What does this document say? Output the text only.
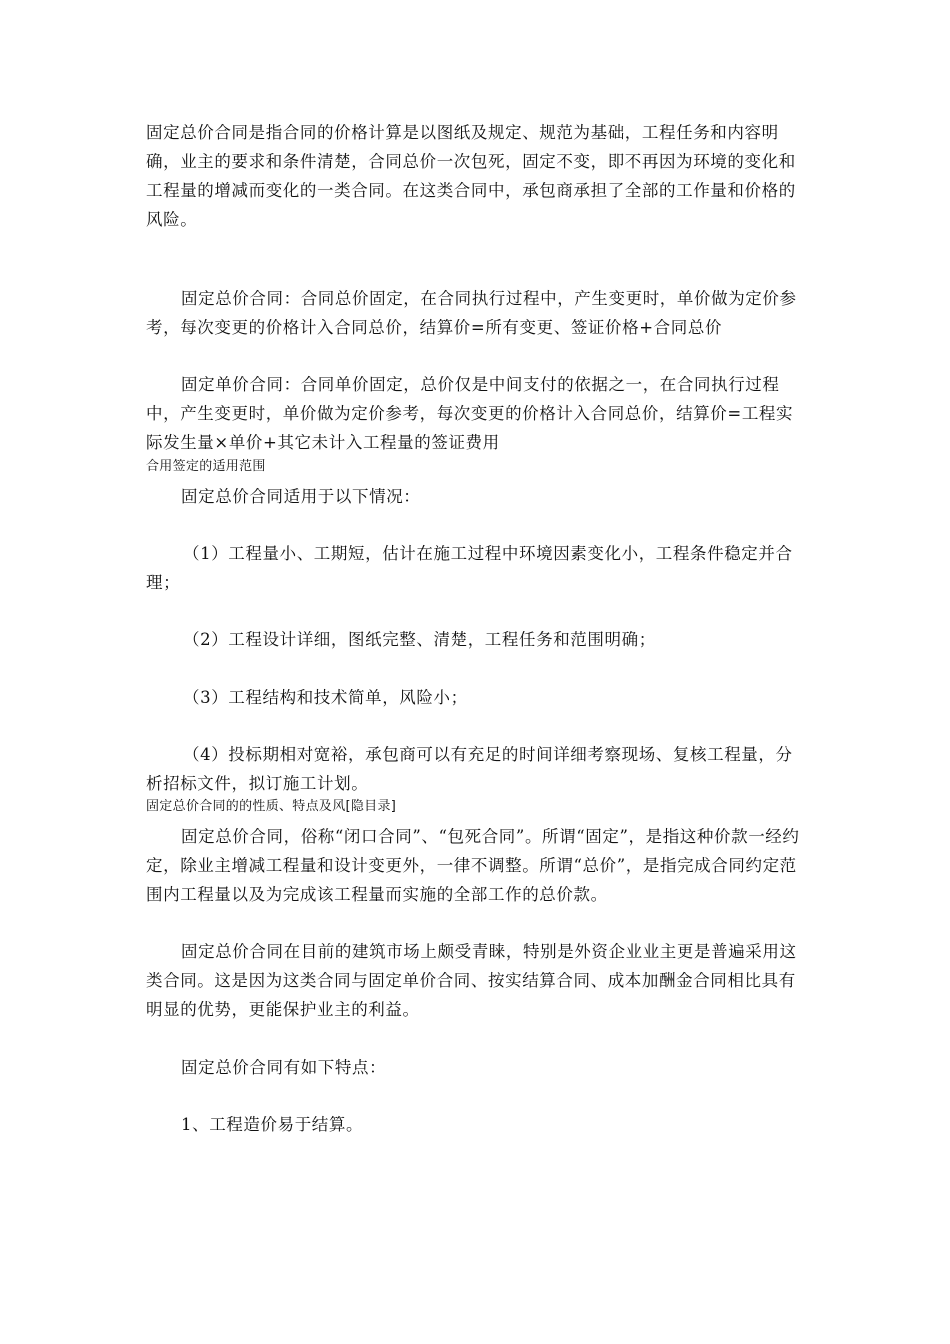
固定总价合同是指合同的价格计算是以图纸及规定、规范为基础，工程任务和内容明确，业主的要求和条件清楚，合同总价一次包死，固定不变，即不再因为环境的变化和工程量的增减而变化的一类合同。在这类合同中，承包商承担了全部的工作量和价格的风险。

固定总价合同：合同总价固定，在合同执行过程中，产生变更时，单价做为定价参考，每次变更的价格计入合同总价，结算价=所有变更、签证价格+合同总价

固定单价合同：合同单价固定，总价仅是中间支付的依据之一，在合同执行过程中，产生变更时，单价做为定价参考，每次变更的价格计入合同总价，结算价=工程实际发生量×单价+其它未计入工程量的签证费用

合用签定的适用范围

固定总价合同适用于以下情况：

（1）工程量小、工期短，估计在施工过程中环境因素变化小，工程条件稳定并合理；

（2）工程设计详细，图纸完整、清楚，工程任务和范围明确；

（3）工程结构和技术简单，风险小；

（4）投标期相对宽裕，承包商可以有充足的时间详细考察现场、复核工程量，分析招标文件，拟订施工计划。

固定总价合同的的性质、特点及风[隐目录]

固定总价合同，俗称“闭口合同”、“包死合同”。所谓“固定”，是指这种价款一经约定，除业主增减工程量和设计变更外，一律不调整。所谓“总价”，是指完成合同约定范围内工程量以及为完成该工程量而实施的全部工作的总价款。

固定总价合同在目前的建筑市场上颇受青睐，特别是外资企业业主更是普遍采用这类合同。这是因为这类合同与固定单价合同、按实结算合同、成本加酬金合同相比具有明显的优势，更能保护业主的利益。

固定总价合同有如下特点：

1、工程造价易于结算。
